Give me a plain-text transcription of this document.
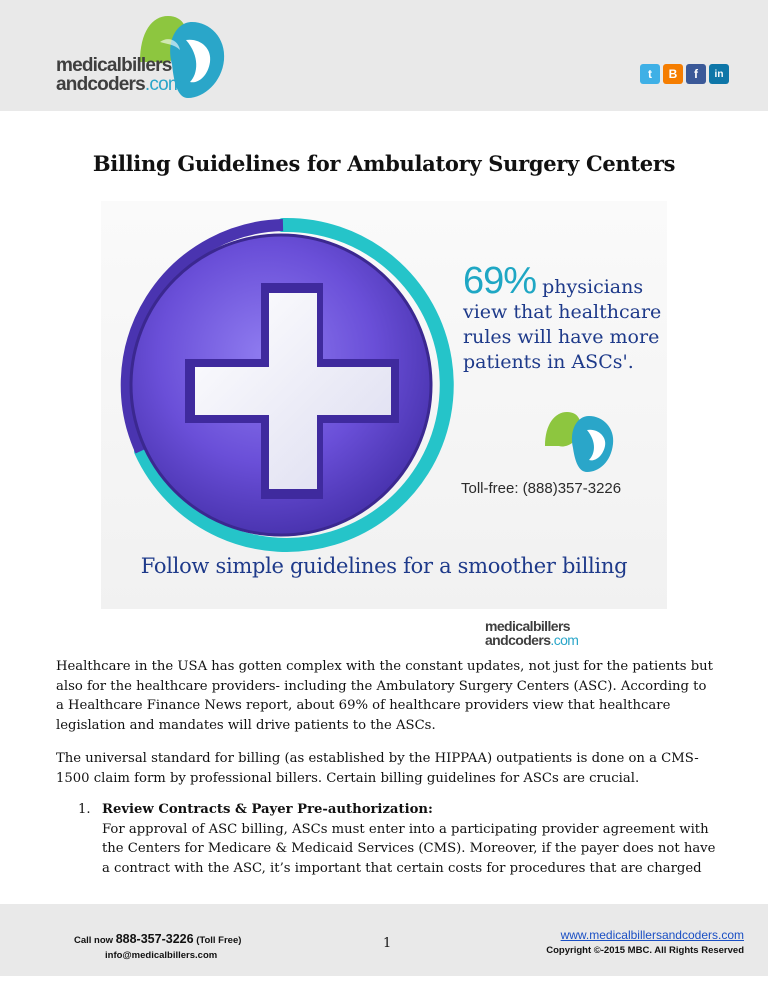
medicalbillers
andcoders.com	t	B	f	in
Billing Guidelines for Ambulatory Surgery Centers
69% physicians
view that healthcare
rules will have more
patients in ASCs'.
medicalbillers
andcoders.com
Toll-free: (888)357-3226
Follow simple guidelines for a smoother billing
Healthcare in the USA has gotten complex with the constant updates, not just for the patients but also for the healthcare providers- including the Ambulatory Surgery Centers (ASC). According to a Healthcare Finance News report, about 69% of healthcare providers view that healthcare legislation and mandates will drive patients to the ASCs.
The universal standard for billing (as established by the HIPPAA) outpatients is done on a CMS-1500 claim form by professional billers. Certain billing guidelines for ASCs are crucial.
1. Review Contracts & Payer Pre-authorization:
For approval of ASC billing, ASCs must enter into a participating provider agreement with the Centers for Medicare & Medicaid Services (CMS). Moreover, if the payer does not have a contract with the ASC, it’s important that certain costs for procedures that are charged
Call now 888-357-3226 (Toll Free)
info@medicalbillers.com
1
www.medicalbillersandcoders.com
Copyright ©-2015 MBC. All Rights Reserved
